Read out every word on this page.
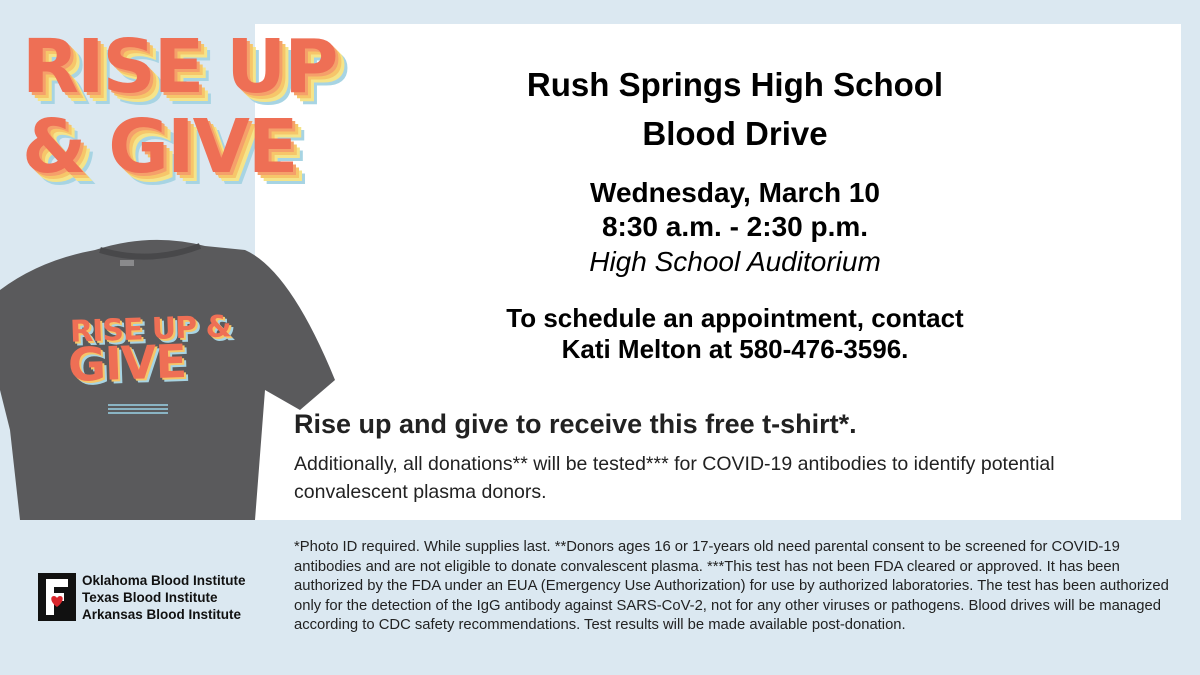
RISE UP
& GIVE
RISE UP &
GIVE
Rush Springs High School
Blood Drive
Wednesday, March 10
8:30 a.m. - 2:30 p.m.
High School Auditorium
To schedule an appointment, contact
Kati Melton at 580-476-3596.
Rise up and give to receive this free t-shirt*.
Additionally, all donations** will be tested*** for COVID-19 antibodies to identify potential convalescent plasma donors.
*Photo ID required. While supplies last. **Donors ages 16 or 17-years old need parental consent to be screened for COVID-19 antibodies and are not eligible to donate convalescent plasma. ***This test has not been FDA cleared or approved. It has been authorized by the FDA under an EUA (Emergency Use Authorization) for use by authorized laboratories. The test has been authorized only for the detection of the IgG antibody against SARS-CoV-2, not for any other viruses or pathogens. Blood drives will be managed according to CDC safety recommendations. Test results will be made available post-donation.
Oklahoma Blood Institute
Texas Blood Institute
Arkansas Blood Institute
